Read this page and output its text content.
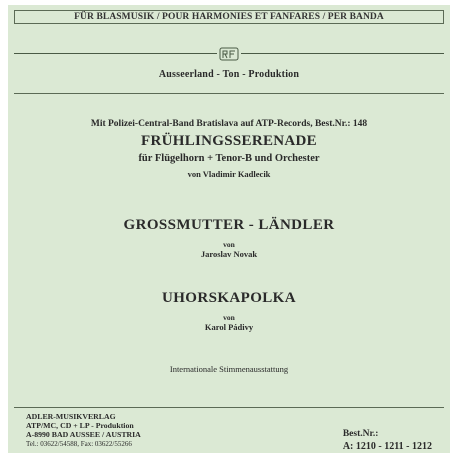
FÜR BLASMUSIK / POUR HARMONIES ET FANFARES / PER BANDA
Ausseerland - Ton - Produktion
Mit Polizei-Central-Band Bratislava auf ATP-Records, Best.Nr.: 148
FRÜHLINGSSERENADE
für Flügelhorn + Tenor-B und Orchester
von Vladimir Kadlecik
GROSSMUTTER - LÄNDLER
von
Jaroslav Novak
UHORSKAPOLKA
von
Karol Pádivy
Internationale Stimmenausstattung
ADLER-MUSIKVERLAG
ATP/MC, CD + LP - Produktion
A-8990 BAD AUSSEE / AUSTRIA
Tel.: 03622/54588, Fax: 03622/55266
Best.Nr.:
A: 1210 - 1211 - 1212
